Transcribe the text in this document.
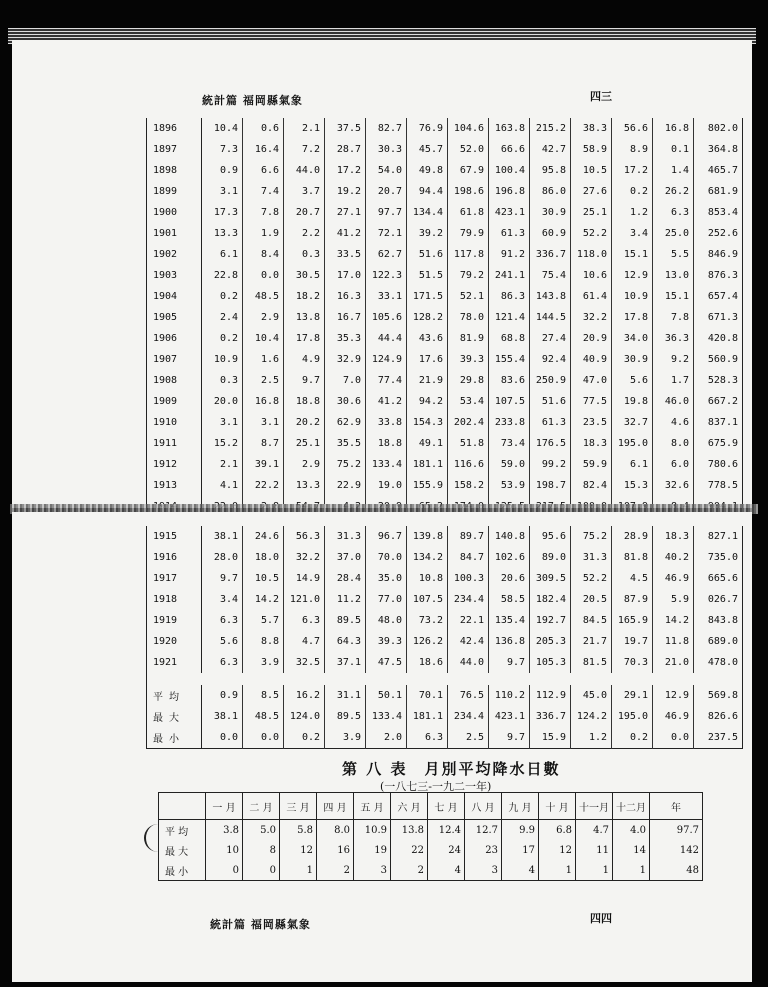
統計篇 福岡縣氣象	四三
1896	10.4	0.6	2.1	37.5	82.7	76.9	104.6	163.8	215.2	38.3	56.6	16.8	802.0
1897	7.3	16.4	7.2	28.7	30.3	45.7	52.0	66.6	42.7	58.9	8.9	0.1	364.8
1898	0.9	6.6	44.0	17.2	54.0	49.8	67.9	100.4	95.8	10.5	17.2	1.4	465.7
1899	3.1	7.4	3.7	19.2	20.7	94.4	198.6	196.8	86.0	27.6	0.2	26.2	681.9
1900	17.3	7.8	20.7	27.1	97.7	134.4	61.8	423.1	30.9	25.1	1.2	6.3	853.4
1901	13.3	1.9	2.2	41.2	72.1	39.2	79.9	61.3	60.9	52.2	3.4	25.0	252.6
1902	6.1	8.4	0.3	33.5	62.7	51.6	117.8	91.2	336.7	118.0	15.1	5.5	846.9
1903	22.8	0.0	30.5	17.0	122.3	51.5	79.2	241.1	75.4	10.6	12.9	13.0	876.3
1904	0.2	48.5	18.2	16.3	33.1	171.5	52.1	86.3	143.8	61.4	10.9	15.1	657.4
1905	2.4	2.9	13.8	16.7	105.6	128.2	78.0	121.4	144.5	32.2	17.8	7.8	671.3
1906	0.2	10.4	17.8	35.3	44.4	43.6	81.9	68.8	27.4	20.9	34.0	36.3	420.8
1907	10.9	1.6	4.9	32.9	124.9	17.6	39.3	155.4	92.4	40.9	30.9	9.2	560.9
1908	0.3	2.5	9.7	7.0	77.4	21.9	29.8	83.6	250.9	47.0	5.6	1.7	528.3
1909	20.0	16.8	18.8	30.6	41.2	94.2	53.4	107.5	51.6	77.5	19.8	46.0	667.2
1910	3.1	3.1	20.2	62.9	33.8	154.3	202.4	233.8	61.3	23.5	32.7	4.6	837.1
1911	15.2	8.7	25.1	35.5	18.8	49.1	51.8	73.4	176.5	18.3	195.0	8.0	675.9
1912	2.1	39.1	2.9	75.2	133.4	181.1	116.6	59.0	99.2	59.9	6.1	6.0	780.6
1913	4.1	22.2	13.3	22.9	19.0	155.9	158.2	53.9	198.7	82.4	15.3	32.6	778.5

1915	38.1	24.6	56.3	31.3	96.7	139.8	89.7	140.8	95.6	75.2	28.9	18.3	827.1
1916	28.0	18.0	32.2	37.0	70.0	134.2	84.7	102.6	89.0	31.3	81.8	40.2	735.0
1917	9.7	10.5	14.9	28.4	35.0	10.8	100.3	20.6	309.5	52.2	4.5	46.9	665.6
1918	3.4	14.2	121.0	11.2	77.0	107.5	234.4	58.5	182.4	20.5	87.9	5.9	026.7
1919	6.3	5.7	6.3	89.5	48.0	73.2	22.1	135.4	192.7	84.5	165.9	14.2	843.8
1920	5.6	8.8	4.7	64.3	39.3	126.2	42.4	136.8	205.3	21.7	19.7	11.8	689.0
1921	6.3	3.9	32.5	37.1	47.5	18.6	44.0	9.7	105.3	81.5	70.3	21.0	478.0

平 均	0.9	8.5	16.2	31.1	50.1	70.1	76.5	110.2	112.9	45.0	29.1	12.9	569.8
最 大	38.1	48.5	124.0	89.5	133.4	181.1	234.4	423.1	336.7	124.2	195.0	46.9	826.6
最 小	0.0	0.0	0.2	3.9	2.0	6.3	2.5	9.7	15.9	1.2	0.2	0.0	237.5
第 八 表　月別平均降水日數
(一八七三-一九二一年)
	一 月	二 月	三 月	四 月	五 月	六 月	七 月	八 月	九 月	十 月	十一月	十二月	年
平 均	3.8	5.0	5.8	8.0	10.9	13.8	12.4	12.7	9.9	6.8	4.7	4.0	97.7
最 大	10	8	12	16	19	22	24	23	17	12	11	14	142
最 小	0	0	1	2	3	2	4	3	4	1	1	1	48
統計篇 福岡縣氣象	四四
